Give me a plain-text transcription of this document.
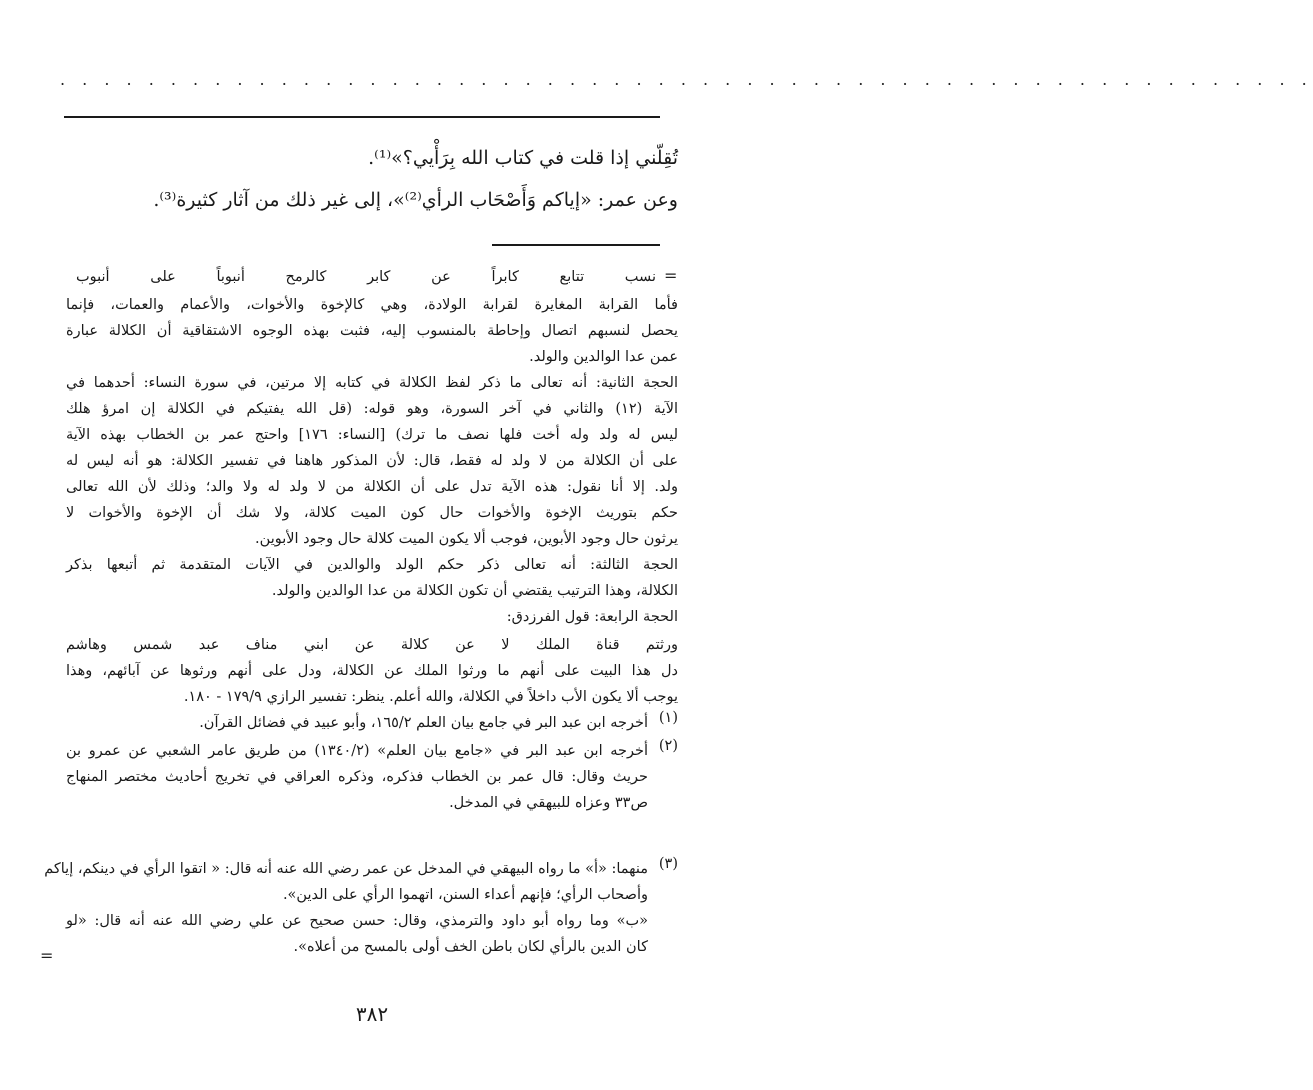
. . . . . . . . . . . . . . . . . . . . . . . . . . . . . . . . . . . . . . . . . . . . . . . . . . . . . . . . .
تُقِلّني إذا قلت في كتاب الله بِرَأْيي؟»⁽¹⁾.
وعن عمر: «إياكم وَأَصْحَاب الرأي⁽²⁾»، إلى غير ذلك من آثار كثيرة⁽³⁾.
=
نسب تتابع كابراً عن كابر كالرمح أنبوباً على أنبوب
فأما القرابة المغايرة لقرابة الولادة، وهي كالإخوة والأخوات، والأعمام والعمات، فإنما
يحصل لنسبهم اتصال وإحاطة بالمنسوب إليه، فثبت بهذه الوجوه الاشتقاقية أن الكلالة عبارة
عمن عدا الوالدين والولد.
الحجة الثانية: أنه تعالى ما ذكر لفظ الكلالة في كتابه إلا مرتين، في سورة النساء: أحدهما في
الآية (١٢) والثاني في آخر السورة، وهو قوله: (قل الله يفتيكم في الكلالة إن امرؤ هلك
ليس له ولد وله أخت فلها نصف ما ترك) [النساء: ١٧٦] واحتج عمر بن الخطاب بهذه الآية
على أن الكلالة من لا ولد له فقط، قال: لأن المذكور هاهنا في تفسير الكلالة: هو أنه ليس له
ولد. إلا أنا نقول: هذه الآية تدل على أن الكلالة من لا ولد له ولا والد؛ وذلك لأن الله تعالى
حكم بتوريث الإخوة والأخوات حال كون الميت كلالة، ولا شك أن الإخوة والأخوات لا
يرثون حال وجود الأبوين، فوجب ألا يكون الميت كلالة حال وجود الأبوين.
الحجة الثالثة: أنه تعالى ذكر حكم الولد والوالدين في الآيات المتقدمة ثم أتبعها بذكر
الكلالة، وهذا الترتيب يقتضي أن تكون الكلالة من عدا الوالدين والولد.
الحجة الرابعة: قول الفرزدق:
ورثتم قناة الملك لا عن كلالة عن ابني مناف عبد شمس وهاشم
دل هذا البيت على أنهم ما ورثوا الملك عن الكلالة، ودل على أنهم ورثوها عن آبائهم، وهذا
يوجب ألا يكون الأب داخلاً في الكلالة، والله أعلم. ينظر: تفسير الرازي ١٧٩/٩ - ١٨٠.
(١)
أخرجه ابن عبد البر في جامع بيان العلم ١٦٥/٢، وأبو عبيد في فضائل القرآن.
(٢)
أخرجه ابن عبد البر في «جامع بيان العلم» (١٣٤٠/٢) من طريق عامر الشعبي عن عمرو بن
حريث وقال: قال عمر بن الخطاب فذكره، وذكره العراقي في تخريج أحاديث مختصر المنهاج
ص٣٣ وعزاه للبيهقي في المدخل.
(٣)
منهما: «أ» ما رواه البيهقي في المدخل عن عمر رضي الله عنه أنه قال: « اتقوا الرأي في دينكم، إياكم
وأصحاب الرأي؛ فإنهم أعداء السنن، اتهموا الرأي على الدين».
«ب» وما رواه أبو داود والترمذي، وقال: حسن صحيح عن علي رضي الله عنه أنه قال: «لو
كان الدين بالرأي لكان باطن الخف أولى بالمسح من أعلاه».
=
٣٨٢
